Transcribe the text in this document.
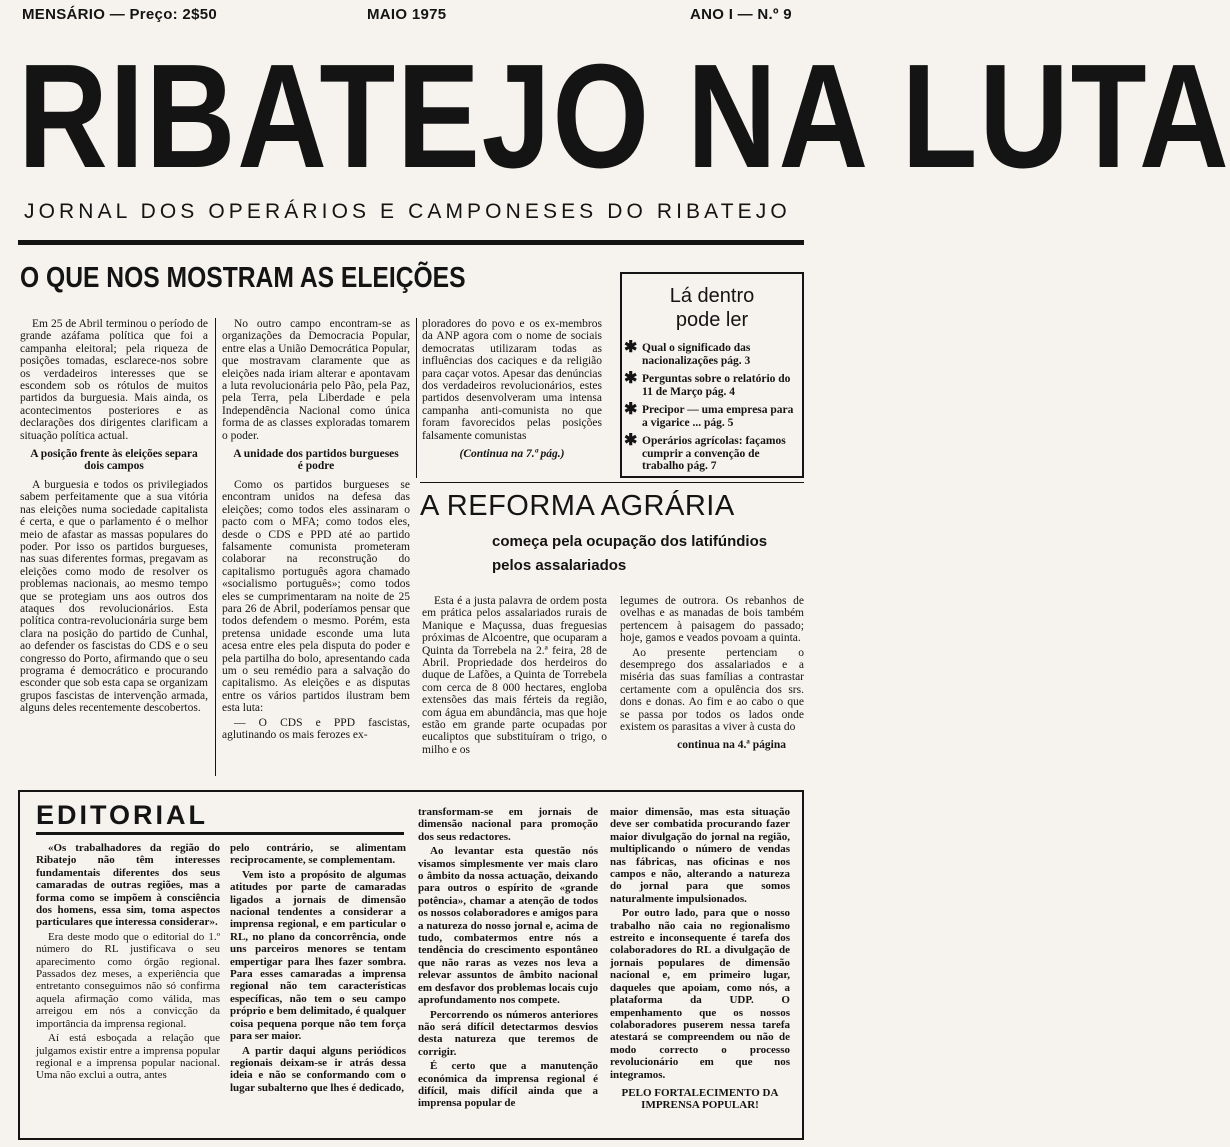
MENSÁRIO — Preço: 2$50	MAIO 1975	ANO I — N.º 9
RIBATEJO NA LUTA
JORNAL DOS OPERÁRIOS E CAMPONESES DO RIBATEJO
O QUE NOS MOSTRAM AS ELEIÇÕES

Em 25 de Abril terminou o período de grande azáfama política que foi a campanha eleitoral; pela riqueza de posições tomadas, esclarece-nos sobre os verdadeiros interesses que se escondem sob os rótulos de muitos partidos da burguesia. Mais ainda, os acontecimentos posteriores e as declarações dos dirigentes clarificam a situação política actual.

A posição frente às eleições separa dois campos

A burguesia e todos os privilegiados sabem perfeitamente que a sua vitória nas eleições numa sociedade capitalista é certa, e que o parlamento é o melhor meio de afastar as massas populares do poder. Por isso os partidos burgueses, nas suas diferentes formas, pregavam as eleições como modo de resolver os problemas nacionais, ao mesmo tempo que se protegiam uns aos outros dos ataques dos revolucionários. Esta política contra-revolucionária surge bem clara na posição do partido de Cunhal, ao defender os fascistas do CDS e o seu congresso do Porto, afirmando que o seu programa é democrático e procurando esconder que sob esta capa se organizam grupos fascistas de intervenção armada, alguns deles recentemente descobertos.

No outro campo encontram-se as organizações da Democracia Popular, entre elas a União Democrática Popular, que mostravam claramente que as eleições nada iriam alterar e apontavam a luta revolucionária pelo Pão, pela Paz, pela Terra, pela Liberdade e pela Independência Nacional como única forma de as classes exploradas tomarem o poder.

A unidade dos partidos burgueses é podre

Como os partidos burgueses se encontram unidos na defesa das eleições; como todos eles assinaram o pacto com o MFA; como todos eles, desde o CDS e PPD até ao partido falsamente comunista prometeram colaborar na reconstrução do capitalismo português agora chamado «socialismo português»; como todos eles se cumprimentaram na noite de 25 para 26 de Abril, poderíamos pensar que todos defendem o mesmo. Porém, esta pretensa unidade esconde uma luta acesa entre eles pela disputa do poder e pela partilha do bolo, apresentando cada um o seu remédio para a salvação do capitalismo. As eleições e as disputas entre os vários partidos ilustram bem esta luta:

— O CDS e PPD fascistas, aglutinando os mais ferozes ex-

ploradores do povo e os ex-membros da ANP agora com o nome de sociais democratas utilizaram todas as influências dos caciques e da religião para caçar votos. Apesar das denúncias dos verdadeiros revolucionários, estes partidos desenvolveram uma intensa campanha anti-comunista no que foram favorecidos pelas posições falsamente comunistas

(Continua na 7.ª pág.)

Lá dentro
pode ler
✱ Qual o significado das nacionalizações pág. 3
✱ Perguntas sobre o relatório do 11 de Março pág. 4
✱ Precipor — uma empresa para a vigarice ... pág. 5
✱ Operários agrícolas: façamos cumprir a convenção de trabalho pág. 7
A REFORMA AGRÁRIA
começa pela ocupação dos latifúndios
pelos assalariados

Esta é a justa palavra de ordem posta em prática pelos assalariados rurais de Manique e Maçussa, duas freguesias próximas de Alcoentre, que ocuparam a Quinta da Torrebela na 2.ª feira, 28 de Abril. Propriedade dos herdeiros do duque de Lafões, a Quinta de Torrebela com cerca de 8 000 hectares, engloba extensões das mais férteis da região, com água em abundância, mas que hoje estão em grande parte ocupadas por eucaliptos que substituíram o trigo, o milho e os

legumes de outrora. Os rebanhos de ovelhas e as manadas de bois também pertencem à paisagem do passado; hoje, gamos e veados povoam a quinta.

Ao presente pertenciam o desemprego dos assalariados e a miséria das suas famílias a contrastar certamente com a opulência dos srs. dons e donas. Ao fim e ao cabo o que se passa por todos os lados onde existem os parasitas a viver à custa do

continua na 4.ª página

EDITORIAL

«Os trabalhadores da região do Ribatejo não têm interesses fundamentais diferentes dos seus camaradas de outras regiões, mas a forma como se impõem à consciência dos homens, essa sim, toma aspectos particulares que interessa considerar».

Era deste modo que o editorial do 1.º número do RL justificava o seu aparecimento como órgão regional. Passados dez meses, a experiência que entretanto conseguimos não só confirma aquela afirmação como válida, mas arreigou em nós a convicção da importância da imprensa regional.

Aí está esboçada a relação que julgamos existir entre a imprensa popular regional e a imprensa popular nacional. Uma não exclui a outra, antes

pelo contrário, se alimentam reciprocamente, se complementam.

Vem isto a propósito de algumas atitudes por parte de camaradas ligados a jornais de dimensão nacional tendentes a considerar a imprensa regional, e em particular o RL, no plano da concorrência, onde uns parceiros menores se tentam empertigar para lhes fazer sombra. Para esses camaradas a imprensa regional não tem características específicas, não tem o seu campo próprio e bem delimitado, é qualquer coisa pequena porque não tem força para ser maior.

A partir daqui alguns periódicos regionais deixam-se ir atrás dessa ideia e não se conformando com o lugar subalterno que lhes é dedicado,

transformam-se em jornais de dimensão nacional para promoção dos seus redactores.

Ao levantar esta questão nós visamos simplesmente ver mais claro o âmbito da nossa actuação, deixando para outros o espírito de «grande potência», chamar a atenção de todos os nossos colaboradores e amigos para a natureza do nosso jornal e, acima de tudo, combatermos entre nós a tendência do crescimento espontâneo que não raras as vezes nos leva a relevar assuntos de âmbito nacional em desfavor dos problemas locais cujo aprofundamento nos compete.

Percorrendo os números anteriores não será difícil detectarmos desvios desta natureza que teremos de corrigir.

É certo que a manutenção económica da imprensa regional é difícil, mais difícil ainda que a imprensa popular de

maior dimensão, mas esta situação deve ser combatida procurando fazer maior divulgação do jornal na região, multiplicando o número de vendas nas fábricas, nas oficinas e nos campos e não, alterando a natureza do jornal para que somos naturalmente impulsionados.

Por outro lado, para que o nosso trabalho não caia no regionalismo estreito e inconsequente é tarefa dos colaboradores do RL a divulgação de jornais populares de dimensão nacional e, em primeiro lugar, daqueles que apoiam, como nós, a plataforma da UDP. O empenhamento que os nossos colaboradores puserem nessa tarefa atestará se compreendem ou não de modo correcto o processo revolucionário em que nos integramos.

PELO FORTALECIMENTO DA IMPRENSA POPULAR!
